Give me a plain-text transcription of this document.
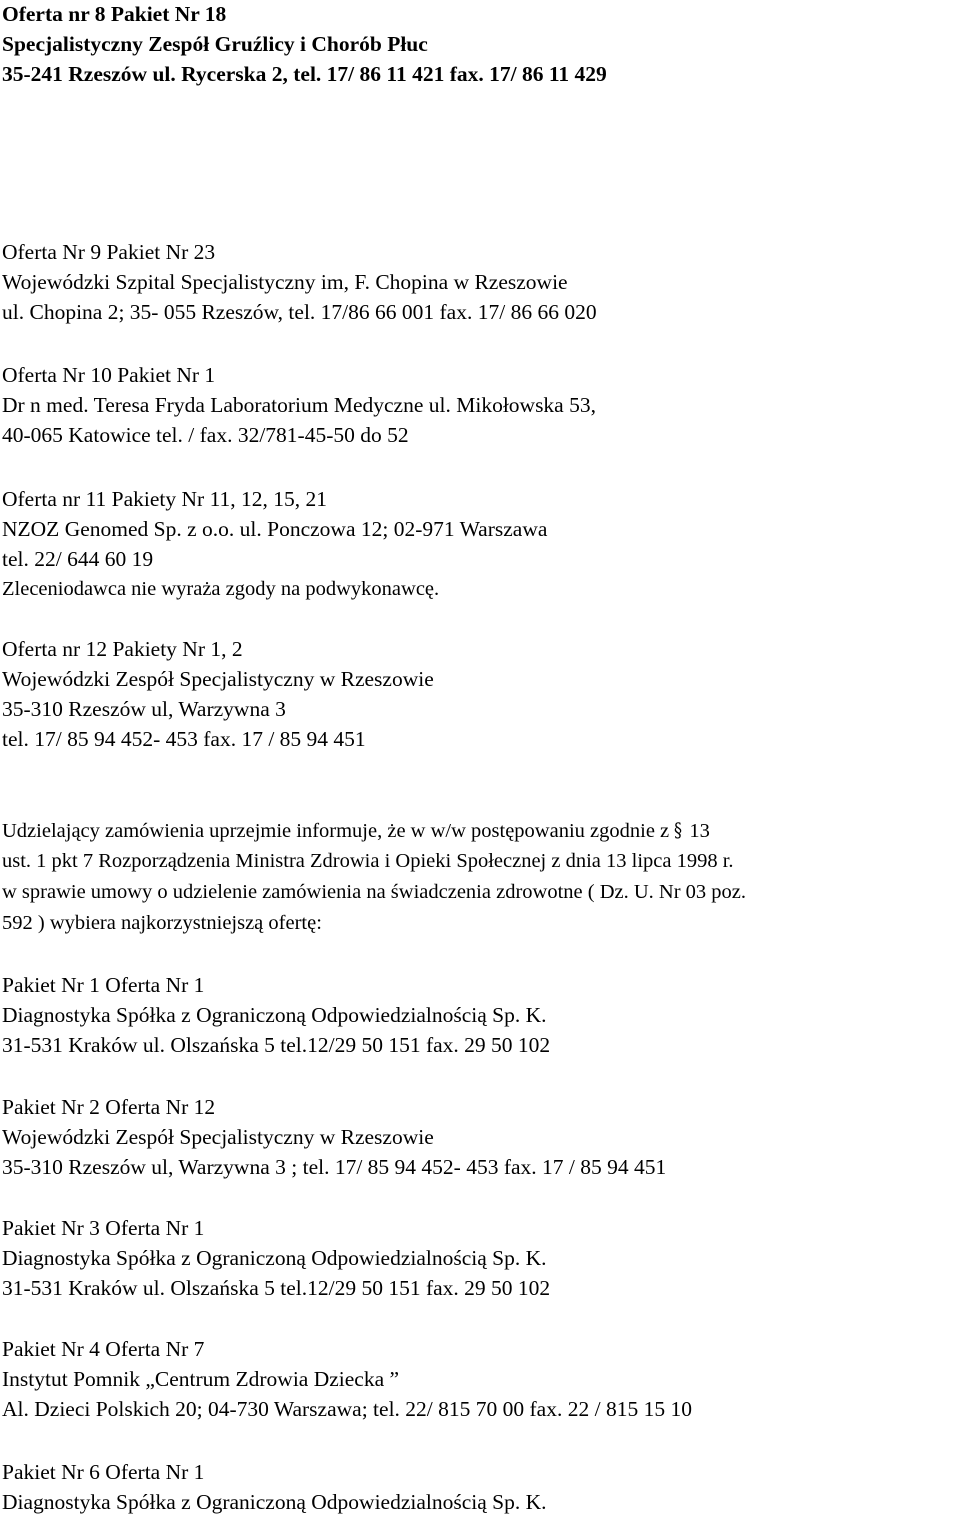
Oferta nr 8 Pakiet Nr 18

Specjalistyczny Zespół Gruźlicy i Chorób Płuc

35-241 Rzeszów ul. Rycerska 2, tel. 17/ 86 11 421 fax. 17/ 86 11 429

Oferta Nr 9 Pakiet Nr 23

Wojewódzki Szpital Specjalistyczny im, F. Chopina w Rzeszowie

ul. Chopina 2; 35- 055 Rzeszów, tel. 17/86 66 001 fax. 17/ 86 66 020

Oferta Nr 10 Pakiet Nr 1

Dr n med. Teresa Fryda Laboratorium Medyczne ul. Mikołowska 53,

40-065 Katowice tel. / fax. 32/781-45-50 do 52

Oferta nr 11 Pakiety Nr 11, 12, 15, 21

NZOZ Genomed Sp. z o.o. ul. Ponczowa 12; 02-971 Warszawa

tel. 22/ 644 60 19

Zleceniodawca nie wyraża zgody na podwykonawcę.

Oferta nr 12 Pakiety Nr 1, 2

Wojewódzki Zespół Specjalistyczny w Rzeszowie

35-310 Rzeszów ul, Warzywna 3

tel. 17/ 85 94 452- 453 fax. 17 / 85 94 451

Udzielający zamówienia uprzejmie informuje, że w w/w postępowaniu zgodnie z § 13

ust. 1 pkt 7 Rozporządzenia Ministra Zdrowia i Opieki Społecznej z dnia 13 lipca 1998 r.

w sprawie umowy o udzielenie zamówienia na świadczenia zdrowotne ( Dz. U. Nr 03 poz.

592 ) wybiera najkorzystniejszą ofertę:

Pakiet Nr 1 Oferta Nr 1

Diagnostyka Spółka z Ograniczoną Odpowiedzialnością Sp. K.

31-531 Kraków ul. Olszańska 5 tel.12/29 50 151 fax. 29 50 102

Pakiet Nr 2 Oferta Nr 12

Wojewódzki Zespół Specjalistyczny w Rzeszowie

35-310 Rzeszów ul, Warzywna 3 ; tel. 17/ 85 94 452- 453 fax. 17 / 85 94 451

Pakiet Nr 3 Oferta Nr 1

Diagnostyka Spółka z Ograniczoną Odpowiedzialnością Sp. K.

31-531 Kraków ul. Olszańska 5 tel.12/29 50 151 fax. 29 50 102

Pakiet Nr 4 Oferta Nr 7

Instytut Pomnik „Centrum Zdrowia Dziecka ”

Al. Dzieci Polskich 20; 04-730 Warszawa; tel. 22/ 815 70 00 fax. 22 / 815 15 10

Pakiet Nr 6 Oferta Nr 1

Diagnostyka Spółka z Ograniczoną Odpowiedzialnością Sp. K.
